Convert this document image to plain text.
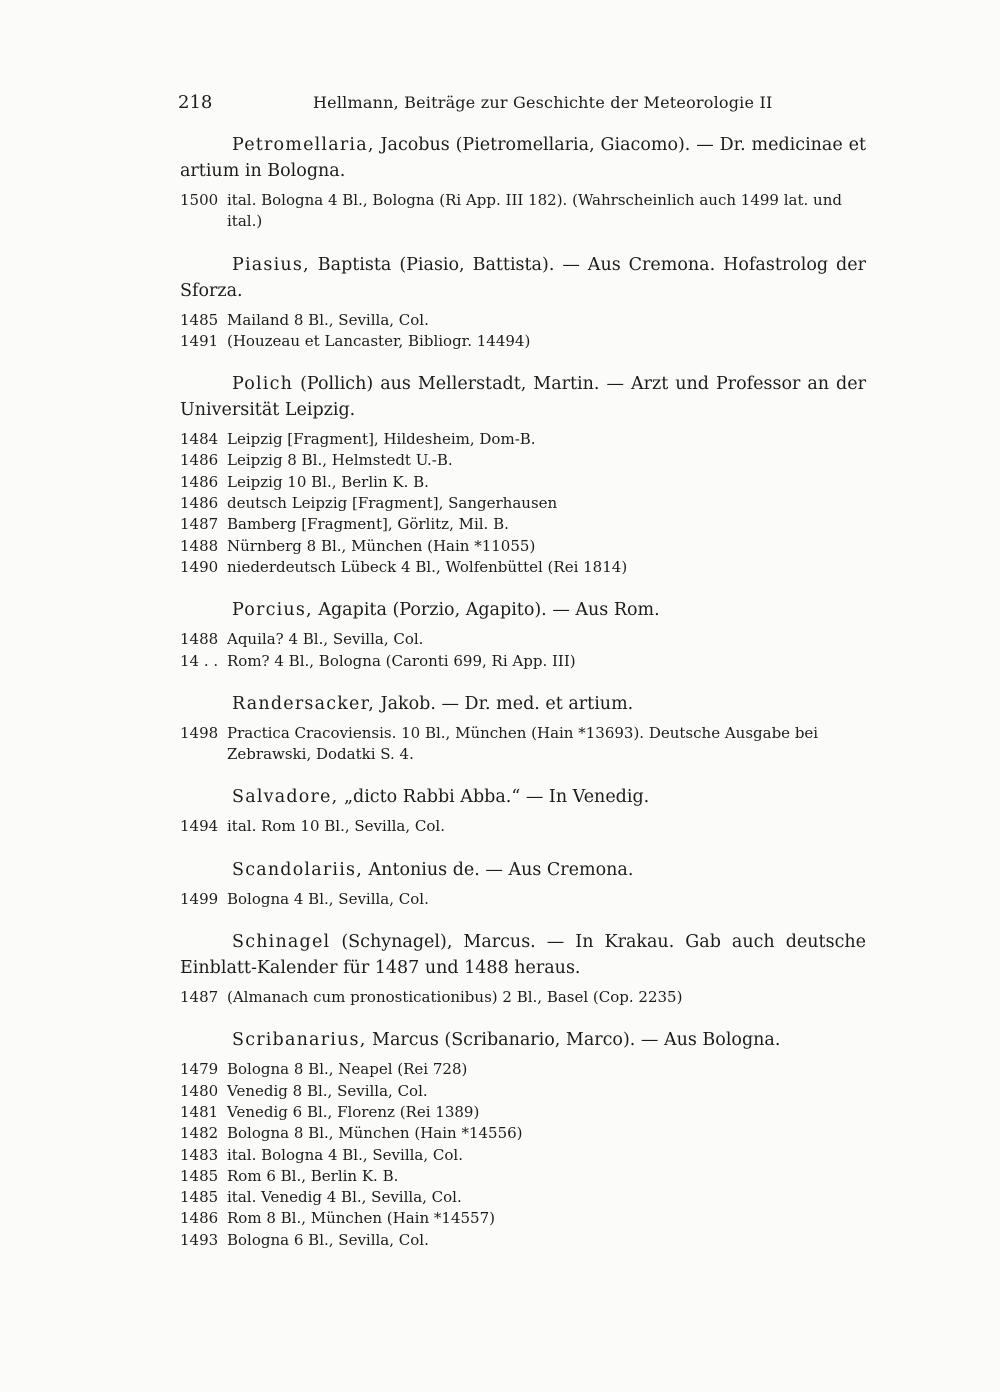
218	Hellmann, Beiträge zur Geschichte der Meteorologie II

Petromellaria, Jacobus (Pietromellaria, Giacomo). — Dr. medicinae et artium in Bologna.

1500 ital. Bologna 4 Bl., Bologna (Ri App. III 182). (Wahrscheinlich auch 1499 lat. und ital.)

Piasius, Baptista (Piasio, Battista). — Aus Cremona. Hofastrolog der Sforza.

1485 Mailand 8 Bl., Sevilla, Col.

1491 (Houzeau et Lancaster, Bibliogr. 14494)

Polich (Pollich) aus Mellerstadt, Martin. — Arzt und Professor an der Universität Leipzig.

1484 Leipzig [Fragment], Hildesheim, Dom-B.

1486 Leipzig 8 Bl., Helmstedt U.-B.

1486 Leipzig 10 Bl., Berlin K. B.

1486 deutsch Leipzig [Fragment], Sangerhausen

1487 Bamberg [Fragment], Görlitz, Mil. B.

1488 Nürnberg 8 Bl., München (Hain *11055)

1490 niederdeutsch Lübeck 4 Bl., Wolfenbüttel (Rei 1814)

Porcius, Agapita (Porzio, Agapito). — Aus Rom.

1488 Aquila? 4 Bl., Sevilla, Col.

14 . . Rom? 4 Bl., Bologna (Caronti 699, Ri App. III)

Randersacker, Jakob. — Dr. med. et artium.

1498 Practica Cracoviensis. 10 Bl., München (Hain *13693). Deutsche Ausgabe bei Zebrawski, Dodatki S. 4.

Salvadore, „dicto Rabbi Abba.“ — In Venedig.

1494 ital. Rom 10 Bl., Sevilla, Col.

Scandolariis, Antonius de. — Aus Cremona.

1499 Bologna 4 Bl., Sevilla, Col.

Schinagel (Schynagel), Marcus. — In Krakau. Gab auch deutsche Einblatt-Kalender für 1487 und 1488 heraus.

1487 (Almanach cum pronosticationibus) 2 Bl., Basel (Cop. 2235)

Scribanarius, Marcus (Scribanario, Marco). — Aus Bologna.

1479 Bologna 8 Bl., Neapel (Rei 728)

1480 Venedig 8 Bl., Sevilla, Col.

1481 Venedig 6 Bl., Florenz (Rei 1389)

1482 Bologna 8 Bl., München (Hain *14556)

1483 ital. Bologna 4 Bl., Sevilla, Col.

1485 Rom 6 Bl., Berlin K. B.

1485 ital. Venedig 4 Bl., Sevilla, Col.

1486 Rom 8 Bl., München (Hain *14557)

1493 Bologna 6 Bl., Sevilla, Col.
